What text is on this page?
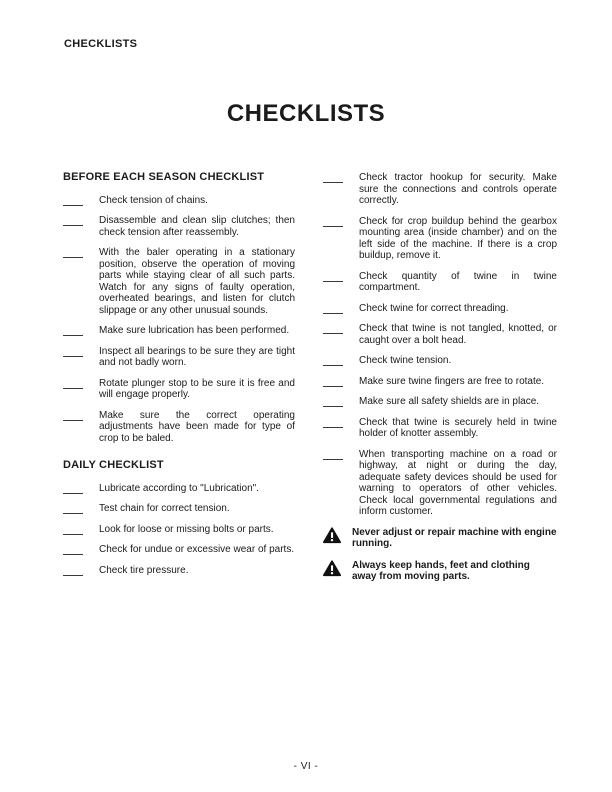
CHECKLISTS
CHECKLISTS
BEFORE EACH SEASON CHECKLIST
Check tension of chains.
Disassemble and clean slip clutches; then check tension after reassembly.
With the baler operating in a stationary position, observe the operation of moving parts while staying clear of all such parts. Watch for any signs of faulty operation, overheated bearings, and listen for clutch slippage or any other unusual sounds.
Make sure lubrication has been performed.
Inspect all bearings to be sure they are tight and not badly worn.
Rotate plunger stop to be sure it is free and will engage properly.
Make sure the correct operating adjustments have been made for type of crop to be baled.
DAILY CHECKLIST
Lubricate according to "Lubrication".
Test chain for correct tension.
Look for loose or missing bolts or parts.
Check for undue or excessive wear of parts.
Check tire pressure.
Check tractor hookup for security. Make sure the connections and controls operate correctly.
Check for crop buildup behind the gearbox mounting area (inside chamber) and on the left side of the machine. If there is a crop buildup, remove it.
Check quantity of twine in twine compartment.
Check twine for correct threading.
Check that twine is not tangled, knotted, or caught over a bolt head.
Check twine tension.
Make sure twine fingers are free to rotate.
Make sure all safety shields are in place.
Check that twine is securely held in twine holder of knotter assembly.
When transporting machine on a road or highway, at night or during the day, adequate safety devices should be used for warning to operators of other vehicles. Check local governmental regulations and inform customer.
Never adjust or repair machine with engine running.
Always keep hands, feet and clothing away from moving parts.
- VI -
